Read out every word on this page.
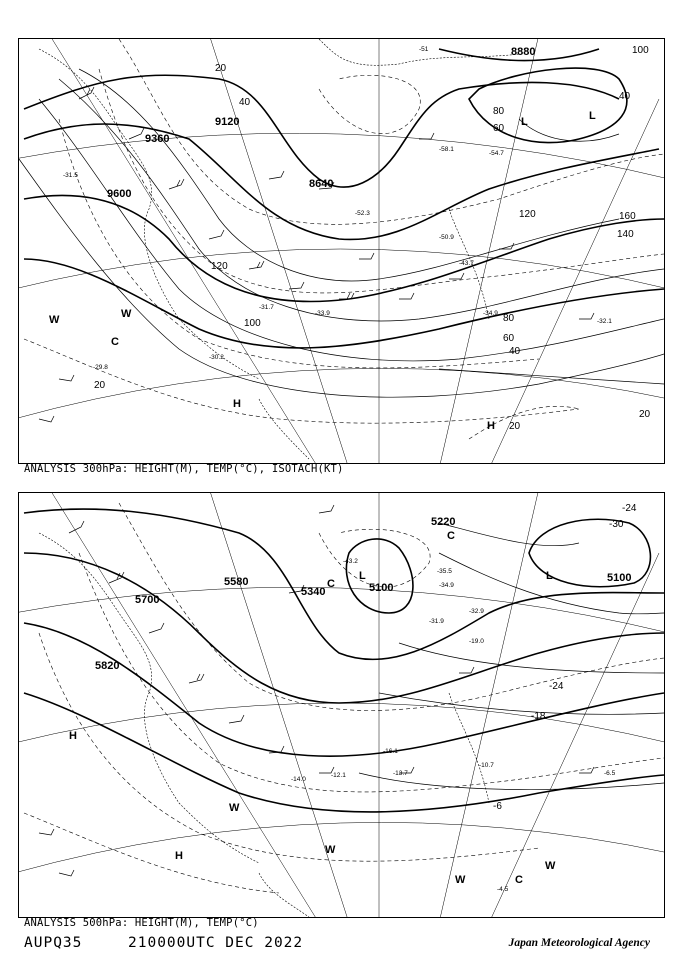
8880
9120
9360
9600
8640
20
40
60
80
100
120
140
160
40
40
60
80
100
120
20
20
20
-51
-54.7
-58.1
-52.3
-50.9
-43.7
-34.9
-33.9
-31.7
-32.1
-29.8
-30.2
-31.5
L	L
C
W
W
H
H
ANALYSIS 300hPa: HEIGHT(M), TEMP(°C), ISOTACH(KT)
5220
5100
5100
5340
5580
5700
5820
-24
-30
-24
-18
-6
-35.5
-34.9
-32.9
-31.9
-43.2
-19.0
-16.1
-10.7
-6.5
-4.5
-12.1	-13.7
-14.0
L	L
C
C
W
W
W
W
H
H
C
ANALYSIS 500hPa: HEIGHT(M), TEMP(°C)
AUPQ35	210000UTC DEC 2022	Japan Meteorological Agency
